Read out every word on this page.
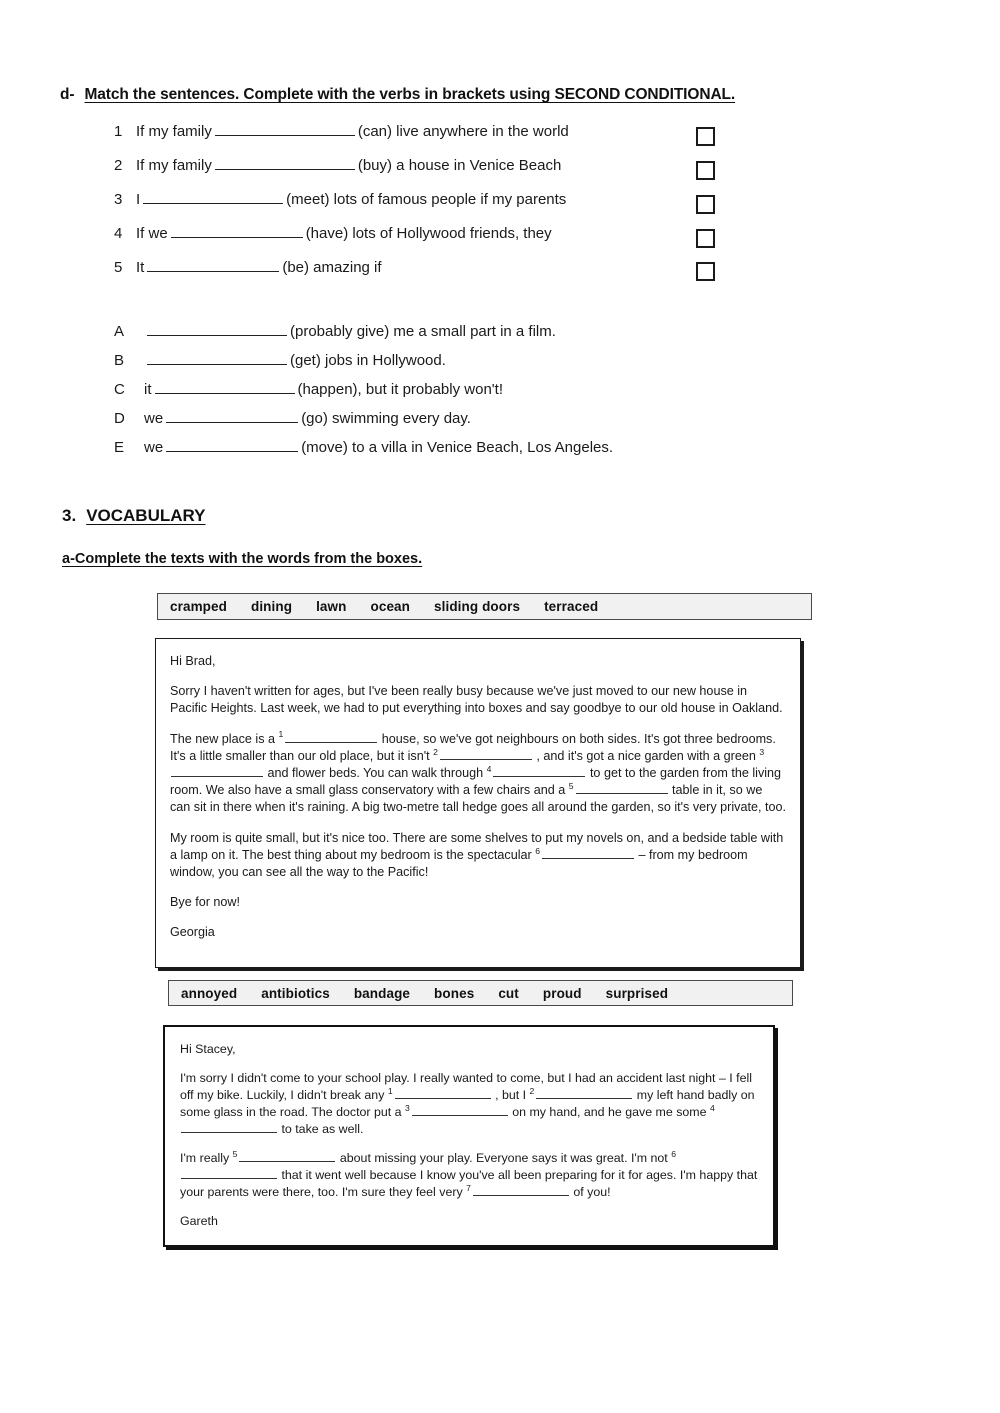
d- Match the sentences. Complete with the verbs in brackets using SECOND CONDITIONAL.
1 If my family	(can) live anywhere in the world
2 If my family	(buy) a house in Venice Beach
3 I	(meet) lots of famous people if my parents
4 If we	(have) lots of Hollywood friends, they
5 It	(be) amazing if
A	(probably give) me a small part in a film.
B	(get) jobs in Hollywood.
C it	(happen), but it probably won't!
D we	(go) swimming every day.
E we	(move) to a villa in Venice Beach, Los Angeles.
3. VOCABULARY
a-Complete the texts with the words from the boxes.
cramped dining lawn ocean sliding doors terraced

Hi Brad,

Sorry I haven't written for ages, but I've been really busy because we've just moved to our new house in Pacific Heights. Last week, we had to put everything into boxes and say goodbye to our old house in Oakland.

The new place is a $^1$	house, so we've got neighbours on both sides. It's got three bedrooms. It's a little smaller than our old place, but it isn't $^2$	, and it's got a nice garden with a green $^3$ and flower beds. You can walk through $^4$	to get to the garden from the living room. We also have a small glass conservatory with a few chairs and a $^5$	table in it, so we can sit in there when it's raining. A big two-metre tall hedge goes all around the garden, so it's very private, too.

My room is quite small, but it's nice too. There are some shelves to put my novels on, and a bedside table with a lamp on it. The best thing about my bedroom is the spectacular $^6$	– from my bedroom window, you can see all the way to the Pacific!

Bye for now!

Georgia

annoyed antibiotics bandage bones cut proud surprised

Hi Stacey,

I'm sorry I didn't come to your school play. I really wanted to come, but I had an accident last night – I fell off my bike. Luckily, I didn't break any $^1$	, but I $^2$	my left hand badly on some glass in the road. The doctor put a $^3$	on my hand, and he gave me some $^4$ to take as well.

I'm really $^5$	about missing your play. Everyone says it was great. I'm not $^6$ that it went well because I know you've all been preparing for it for ages. I'm happy that your parents were there, too. I'm sure they feel very $^7$	of you!

Gareth
